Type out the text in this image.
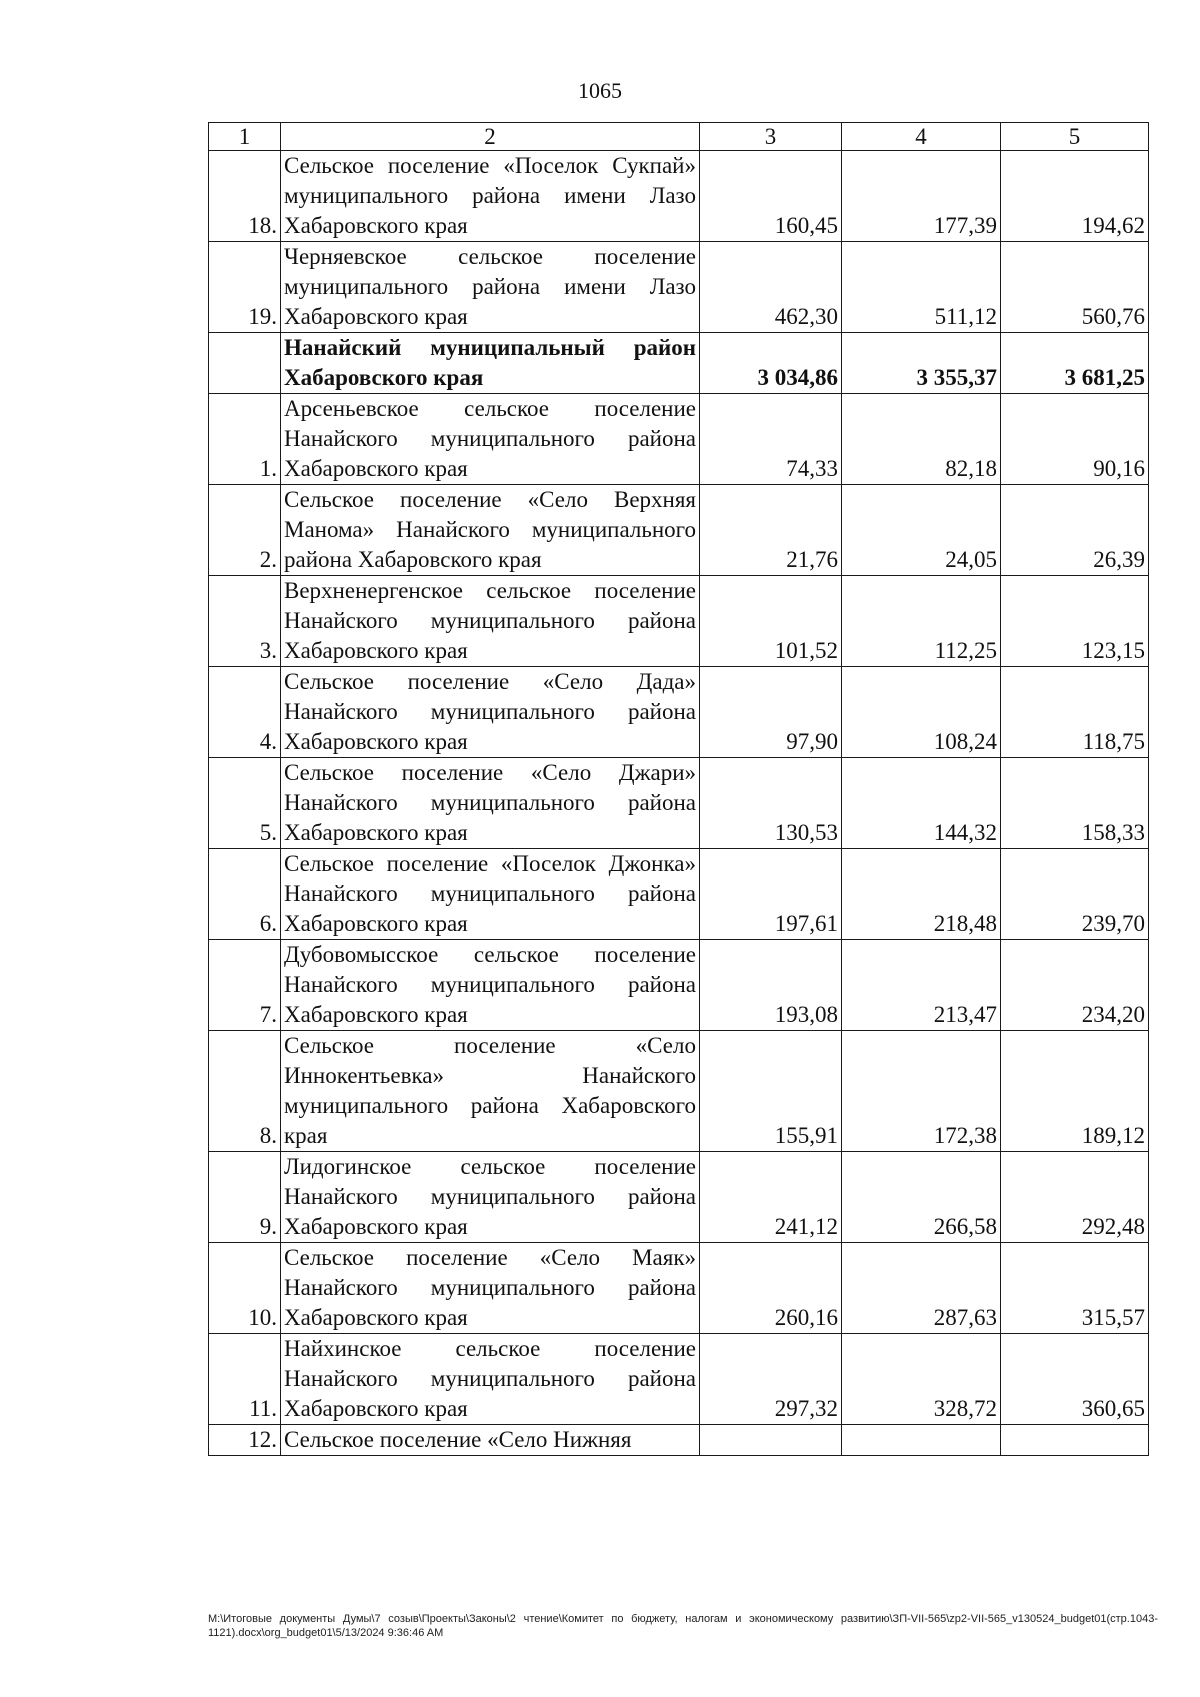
1065
1	2	3	4	5
18.	Сельское поселение «Поселок Сукпай» муниципального районa имени Лазо Хабаровского края	160,45	177,39	194,62
19.	Черняевское сельское поселение муниципального района имени Лазо Хабаровского края	462,30	511,12	560,76
	Нанайский муниципальный район Хабаровского края	3 034,86	3 355,37	3 681,25
1.	Арсеньевское сельское поселение Нанайского муниципального района Хабаровского края	74,33	82,18	90,16
2.	Сельское поселение «Село Верхняя Манома» Нанайского муниципального района Хабаровского края	21,76	24,05	26,39
3.	Верхненергенское сельское поселение Нанайского муниципального района Хабаровского края	101,52	112,25	123,15
4.	Сельское поселение «Село Дада» Нанайского муниципального района Хабаровского края	97,90	108,24	118,75
5.	Сельское поселение «Село Джари» Нанайского муниципального района Хабаровского края	130,53	144,32	158,33
6.	Сельское поселение «Поселок Джонка» Нанайского муниципального района Хабаровского края	197,61	218,48	239,70
7.	Дубовомысское сельское поселение Нанайского муниципального района Хабаровского края	193,08	213,47	234,20
8.	Сельское поселение «Село Иннокентьевка» Нанайского муниципального района Хабаровского края	155,91	172,38	189,12
9.	Лидогинское сельское поселение Нанайского муниципального района Хабаровского края	241,12	266,58	292,48
10.	Сельское поселение «Село Маяк» Нанайского муниципального района Хабаровского края	260,16	287,63	315,57
11.	Найхинское сельское поселение Нанайского муниципального района Хабаровского края	297,32	328,72	360,65
12.	Сельское поселение «Село Нижняя			
M:\Итоговые документы Думы\7 созыв\Проекты\Законы\2 чтение\Комитет по бюджету, налогам и экономическому развитию\ЗП-VII-565\zp2-VII-565_v130524_budget01(стр.1043-1121).docx\org_budget01\5/13/2024 9:36:46 AM
